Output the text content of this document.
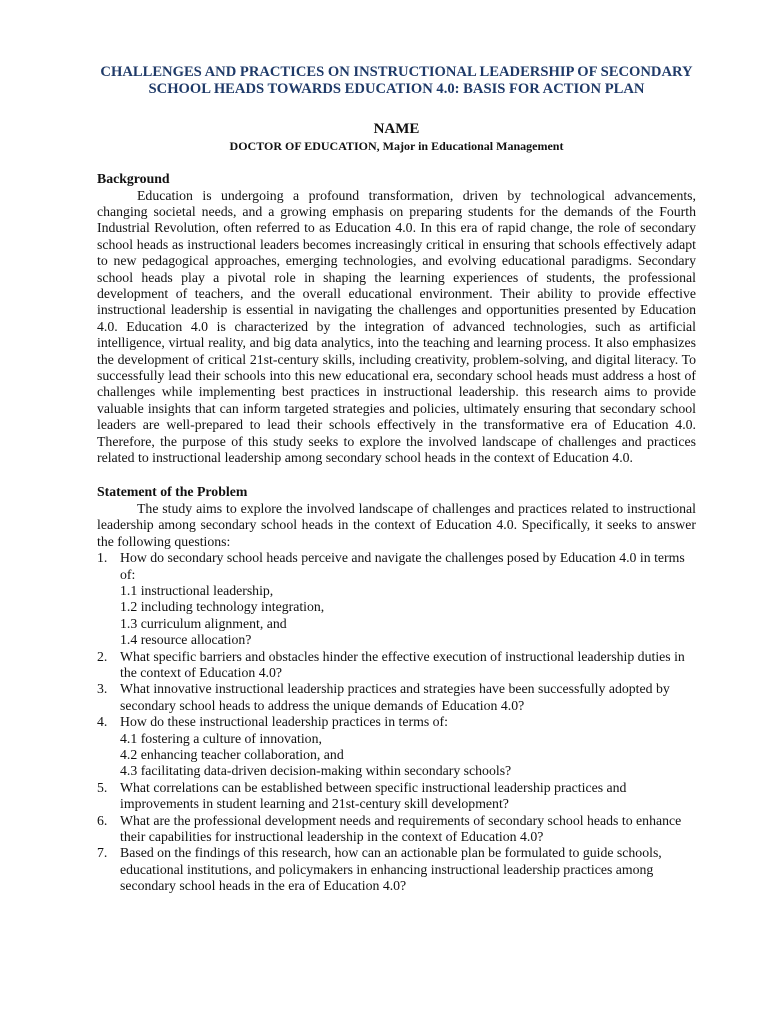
CHALLENGES AND PRACTICES ON INSTRUCTIONAL LEADERSHIP OF SECONDARY SCHOOL HEADS TOWARDS EDUCATION 4.0: BASIS FOR ACTION PLAN
NAME
DOCTOR OF EDUCATION, Major in Educational Management
Background

Education is undergoing a profound transformation, driven by technological advancements, changing societal needs, and a growing emphasis on preparing students for the demands of the Fourth Industrial Revolution, often referred to as Education 4.0. In this era of rapid change, the role of secondary school heads as instructional leaders becomes increasingly critical in ensuring that schools effectively adapt to new pedagogical approaches, emerging technologies, and evolving educational paradigms. Secondary school heads play a pivotal role in shaping the learning experiences of students, the professional development of teachers, and the overall educational environment. Their ability to provide effective instructional leadership is essential in navigating the challenges and opportunities presented by Education 4.0. Education 4.0 is characterized by the integration of advanced technologies, such as artificial intelligence, virtual reality, and big data analytics, into the teaching and learning process. It also emphasizes the development of critical 21st-century skills, including creativity, problem-solving, and digital literacy. To successfully lead their schools into this new educational era, secondary school heads must address a host of challenges while implementing best practices in instructional leadership. this research aims to provide valuable insights that can inform targeted strategies and policies, ultimately ensuring that secondary school leaders are well-prepared to lead their schools effectively in the transformative era of Education 4.0. Therefore, the purpose of this study seeks to explore the involved landscape of challenges and practices related to instructional leadership among secondary school heads in the context of Education 4.0.

Statement of the Problem

The study aims to explore the involved landscape of challenges and practices related to instructional leadership among secondary school heads in the context of Education 4.0. Specifically, it seeks to answer the following questions:

1. How do secondary school heads perceive and navigate the challenges posed by Education 4.0 in terms of:
1.1 instructional leadership,
1.2 including technology integration,
1.3 curriculum alignment, and
1.4 resource allocation?
2. What specific barriers and obstacles hinder the effective execution of instructional leadership duties in the context of Education 4.0?
3. What innovative instructional leadership practices and strategies have been successfully adopted by secondary school heads to address the unique demands of Education 4.0?
4. How do these instructional leadership practices in terms of:
4.1 fostering a culture of innovation,
4.2 enhancing teacher collaboration, and
4.3 facilitating data-driven decision-making within secondary schools?
5. What correlations can be established between specific instructional leadership practices and improvements in student learning and 21st-century skill development?
6. What are the professional development needs and requirements of secondary school heads to enhance their capabilities for instructional leadership in the context of Education 4.0?
7. Based on the findings of this research, how can an actionable plan be formulated to guide schools, educational institutions, and policymakers in enhancing instructional leadership practices among secondary school heads in the era of Education 4.0?
